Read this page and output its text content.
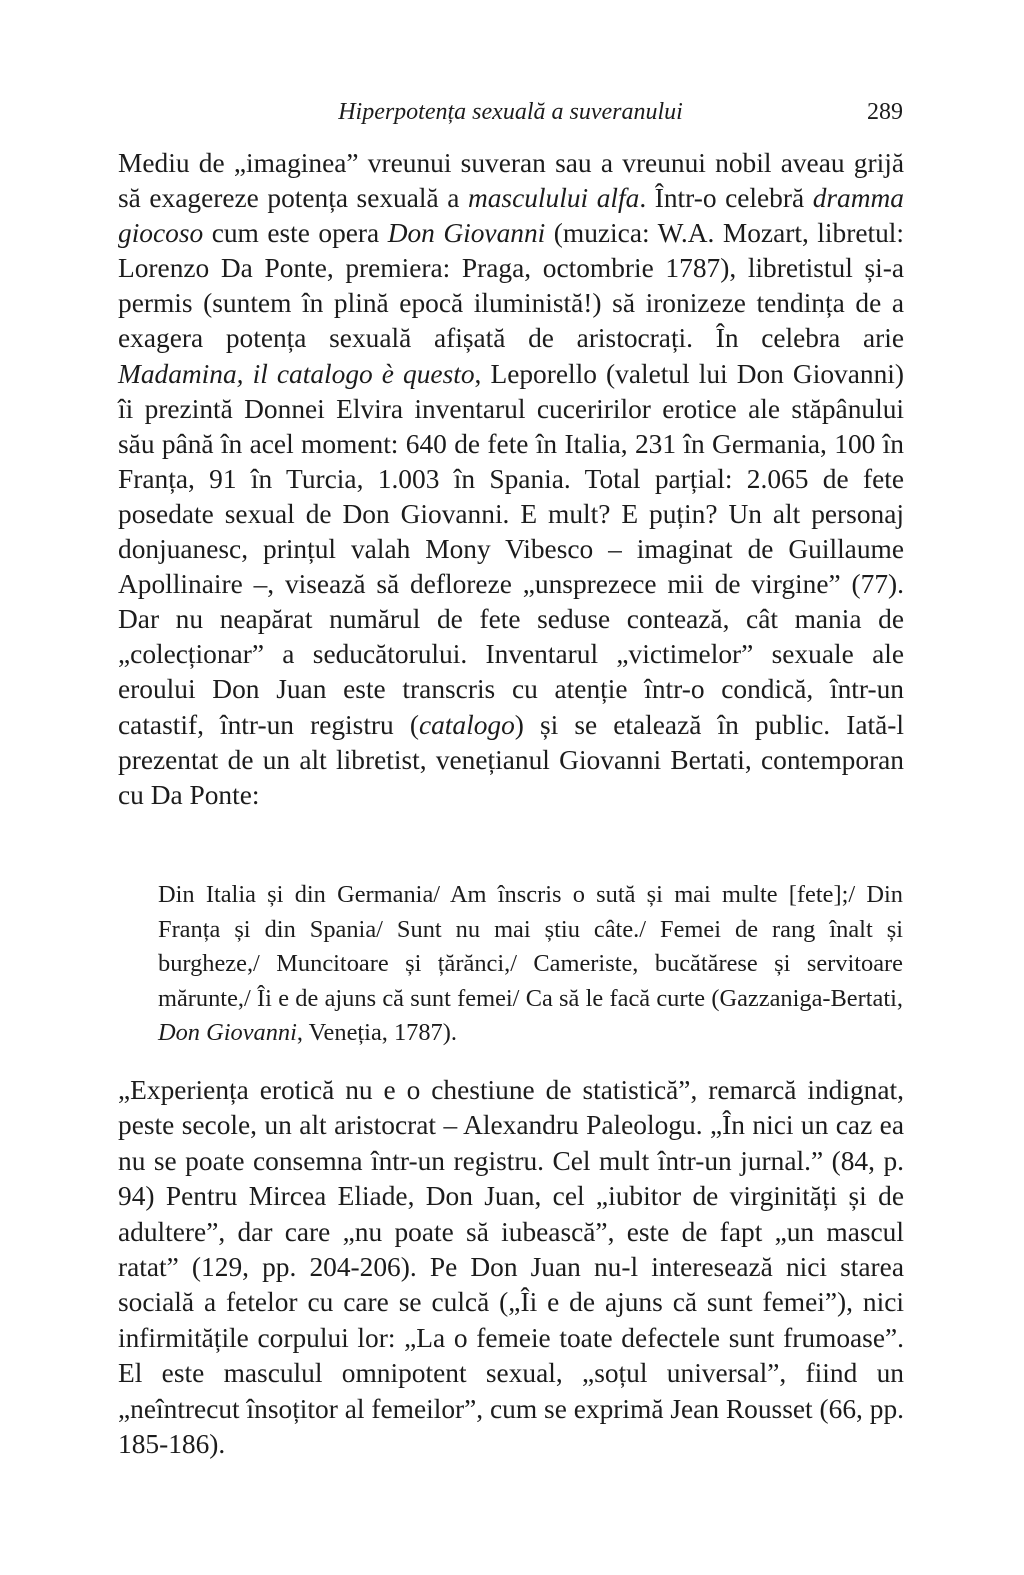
Hiperpotența sexuală a suveranului	289

Mediu de „imaginea” vreunui suveran sau a vreunui nobil aveau grijă să exagereze potența sexuală a masculului alfa. Într-o celebră dramma giocoso cum este opera Don Giovanni (muzica: W.A. Mozart, libretul: Lorenzo Da Ponte, premiera: Praga, octombrie 1787), libretistul și-a permis (suntem în plină epocă iluministă!) să ironizeze tendința de a exagera potența sexuală afișată de aristocrați. În celebra arie Madamina, il catalogo è questo, Leporello (valetul lui Don Giovanni) îi prezintă Donnei Elvira inventarul cuceririlor erotice ale stăpânului său până în acel moment: 640 de fete în Italia, 231 în Germania, 100 în Franța, 91 în Turcia, 1.003 în Spania. Total parțial: 2.065 de fete posedate sexual de Don Giovanni. E mult? E puțin? Un alt personaj donjuanesc, prințul valah Mony Vibesco – imaginat de Guillaume Apollinaire –, visează să defloreze „unsprezece mii de virgine” (77). Dar nu neapărat numărul de fete seduse contează, cât mania de „colecționar” a seducătorului. Inventarul „victimelor” sexuale ale eroului Don Juan este transcris cu atenție într-o condică, într-un catastif, într-un registru (catalogo) și se etalează în public. Iată-l prezentat de un alt libretist, venețianul Giovanni Bertati, contemporan cu Da Ponte:

Din Italia și din Germania/ Am înscris o sută și mai multe [fete];/ Din Franța și din Spania/ Sunt nu mai știu câte./ Femei de rang înalt și burgheze,/ Muncitoare și țărănci,/ Cameriste, bucătărese și servitoare mărunte,/ Îi e de ajuns că sunt femei/ Ca să le facă curte (Gazzaniga-Bertati, Don Giovanni, Veneția, 1787).

„Experiența erotică nu e o chestiune de statistică”, remarcă indignat, peste secole, un alt aristocrat – Alexandru Paleologu. „În nici un caz ea nu se poate consemna într-un registru. Cel mult într-un jurnal.” (84, p. 94) Pentru Mircea Eliade, Don Juan, cel „iubitor de virginități și de adultere”, dar care „nu poate să iubească”, este de fapt „un mascul ratat” (129, pp. 204-206). Pe Don Juan nu-l interesează nici starea socială a fetelor cu care se culcă („Îi e de ajuns că sunt femei”), nici infirmitățile corpului lor: „La o femeie toate defectele sunt frumoase”. El este masculul omnipotent sexual, „soțul universal”, fiind un „neîntrecut însoțitor al femeilor”, cum se exprimă Jean Rousset (66, pp. 185-186).
